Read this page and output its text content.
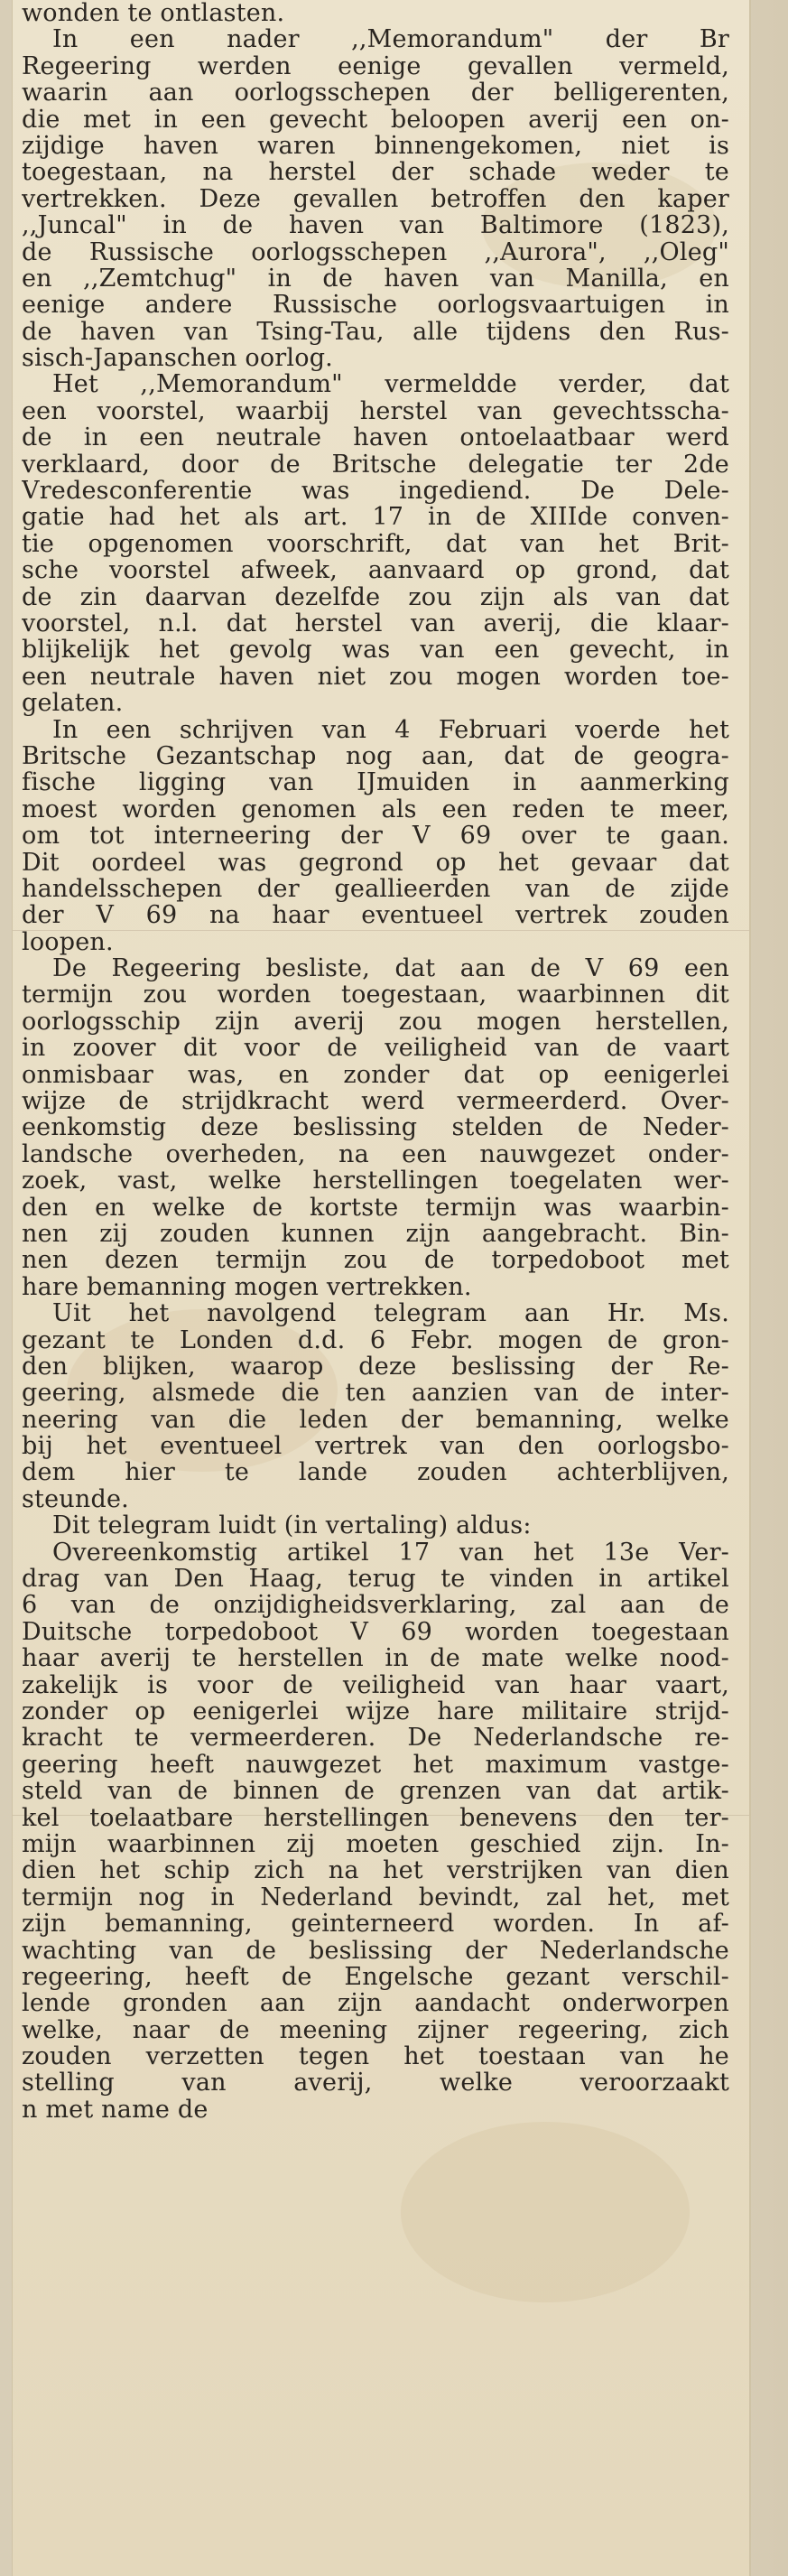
wonden te ontlasten.
In een nader ,,Memorandum" der Br
Regeering werden eenige gevallen vermeld,
waarin aan oorlogsschepen der belligerenten,
die met in een gevecht beloopen averij een on-
zijdige haven waren binnengekomen, niet is
toegestaan, na herstel der schade weder te
vertrekken. Deze gevallen betroffen den kaper
,,Juncal" in de haven van Baltimore (1823),
de Russische oorlogsschepen ,,Aurora", ,,Oleg"
en ,,Zemtchug" in de haven van Manilla, en
eenige andere Russische oorlogsvaartuigen in
de haven van Tsing-Tau, alle tijdens den Rus-
sisch-Japanschen oorlog.
Het ,,Memorandum" vermeldde verder, dat
een voorstel, waarbij herstel van gevechtsscha-
de in een neutrale haven ontoelaatbaar werd
verklaard, door de Britsche delegatie ter 2de
Vredesconferentie was ingediend. De Dele-
gatie had het als art. 17 in de XIIIde conven-
tie opgenomen voorschrift, dat van het Brit-
sche voorstel afweek, aanvaard op grond, dat
de zin daarvan dezelfde zou zijn als van dat
voorstel, n.l. dat herstel van averij, die klaar-
blijkelijk het gevolg was van een gevecht, in
een neutrale haven niet zou mogen worden toe-
gelaten.
In een schrijven van 4 Februari voerde het
Britsche Gezantschap nog aan, dat de geogra-
fische ligging van IJmuiden in aanmerking
moest worden genomen als een reden te meer,
om tot interneering der V 69 over te gaan.
Dit oordeel was gegrond op het gevaar dat
handelsschepen der geallieerden van de zijde
der V 69 na haar eventueel vertrek zouden
loopen.
De Regeering besliste, dat aan de V 69 een
termijn zou worden toegestaan, waarbinnen dit
oorlogsschip zijn averij zou mogen herstellen,
in zoover dit voor de veiligheid van de vaart
onmisbaar was, en zonder dat op eenigerlei
wijze de strijdkracht werd vermeerderd. Over-
eenkomstig deze beslissing stelden de Neder-
landsche overheden, na een nauwgezet onder-
zoek, vast, welke herstellingen toegelaten wer-
den en welke de kortste termijn was waarbin-
nen zij zouden kunnen zijn aangebracht. Bin-
nen dezen termijn zou de torpedoboot met
hare bemanning mogen vertrekken.
Uit het navolgend telegram aan Hr. Ms.
gezant te Londen d.d. 6 Febr. mogen de gron-
den blijken, waarop deze beslissing der Re-
geering, alsmede die ten aanzien van de inter-
neering van die leden der bemanning, welke
bij het eventueel vertrek van den oorlogsbo-
dem hier te lande zouden achterblijven,
steunde.
Dit telegram luidt (in vertaling) aldus:
Overeenkomstig artikel 17 van het 13e Ver-
drag van Den Haag, terug te vinden in artikel
6 van de onzijdigheidsverklaring, zal aan de
Duitsche torpedoboot V 69 worden toegestaan
haar averij te herstellen in de mate welke nood-
zakelijk is voor de veiligheid van haar vaart,
zonder op eenigerlei wijze hare militaire strijd-
kracht te vermeerderen. De Nederlandsche re-
geering heeft nauwgezet het maximum vastge-
steld van de binnen de grenzen van dat artik-
kel toelaatbare herstellingen benevens den ter-
mijn waarbinnen zij moeten geschied zijn. In-
dien het schip zich na het verstrijken van dien
termijn nog in Nederland bevindt, zal het, met
zijn bemanning, geinterneerd worden. In af-
wachting van de beslissing der Nederlandsche
regeering, heeft de Engelsche gezant verschil-
lende gronden aan zijn aandacht onderworpen
welke, naar de meening zijner regeering, zich
zouden verzetten tegen het toestaan van he
stelling van averij, welke veroorzaakt
n met name de
